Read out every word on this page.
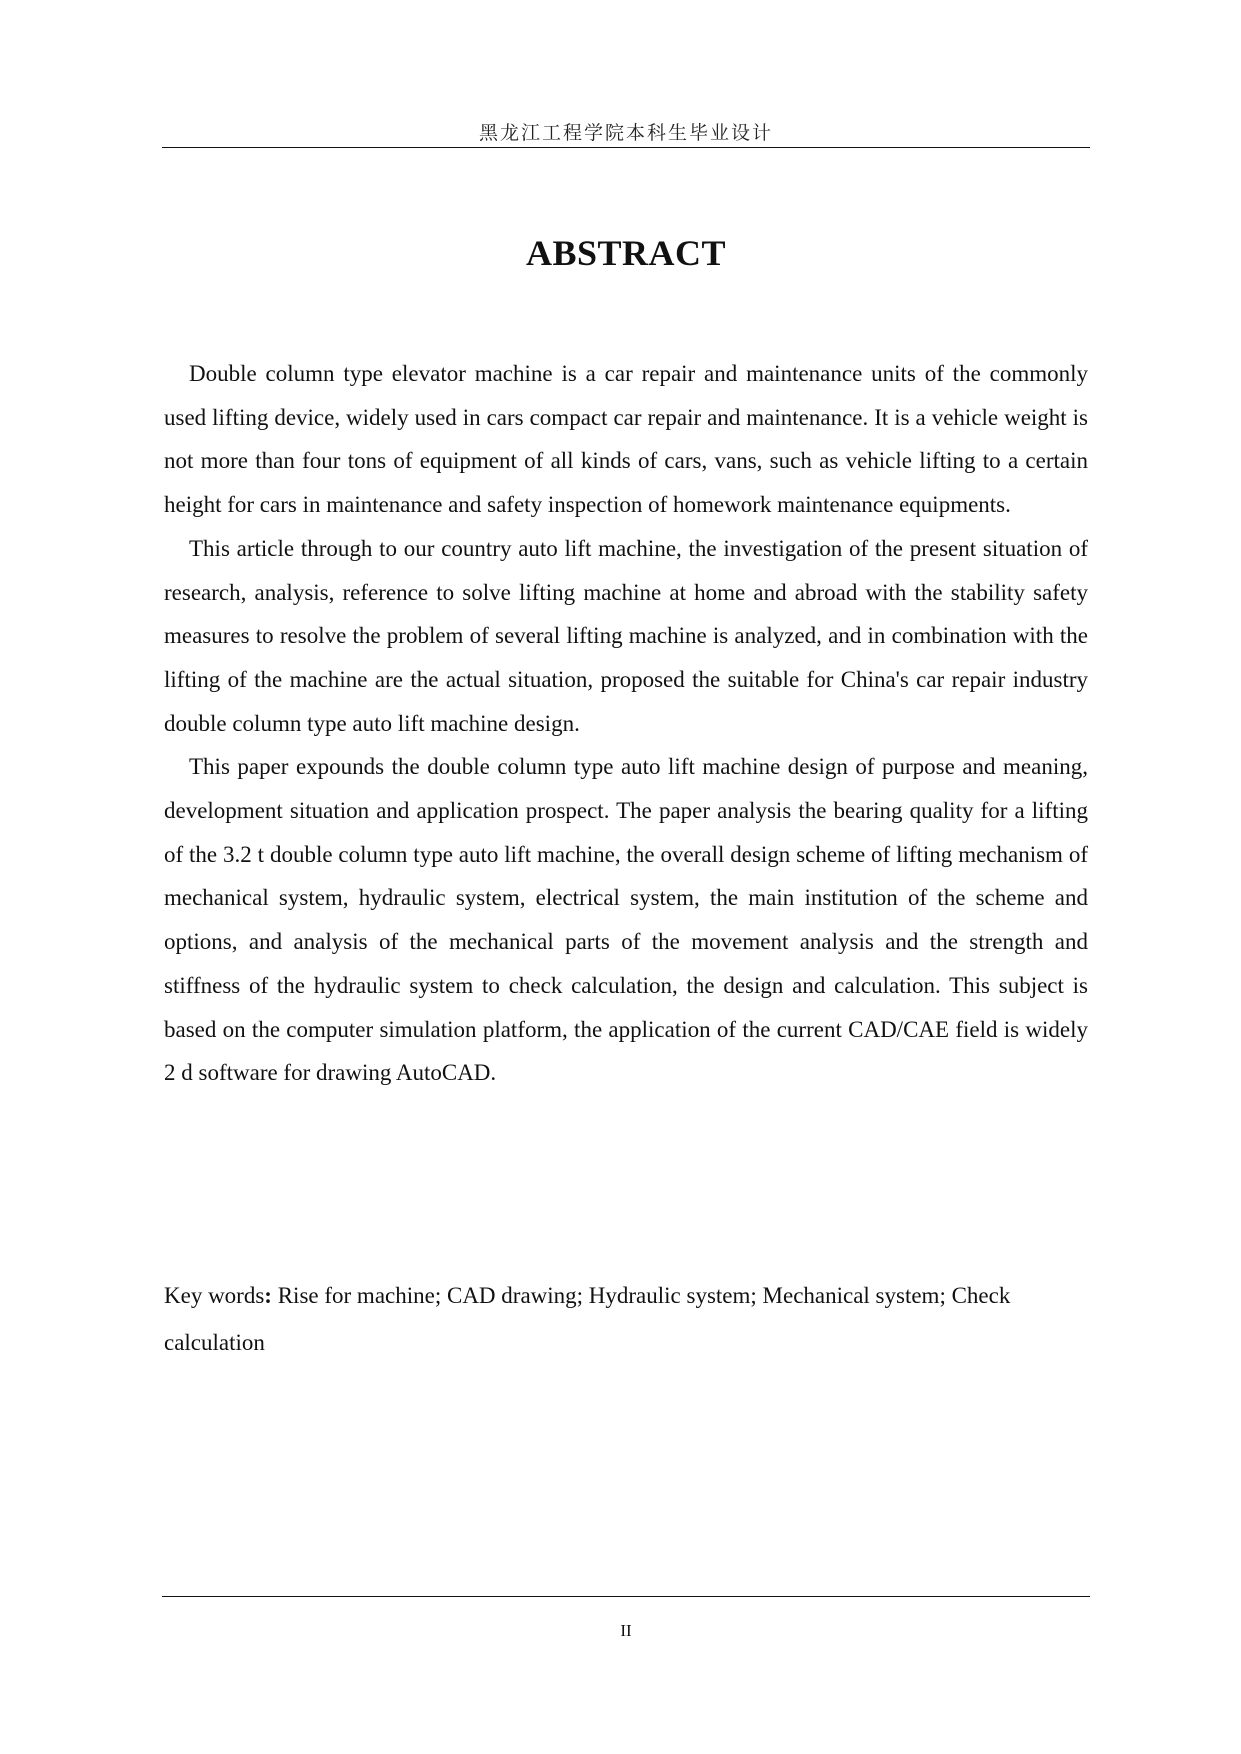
黑龙江工程学院本科生毕业设计
ABSTRACT

Double column type elevator machine is a car repair and maintenance units of the commonly used lifting device, widely used in cars compact car repair and maintenance. It is a vehicle weight is not more than four tons of equipment of all kinds of cars, vans, such as vehicle lifting to a certain height for cars in maintenance and safety inspection of homework maintenance equipments.

This article through to our country auto lift machine, the investigation of the present situation of research, analysis, reference to solve lifting machine at home and abroad with the stability safety measures to resolve the problem of several lifting machine is analyzed, and in combination with the lifting of the machine are the actual situation, proposed the suitable for China's car repair industry double column type auto lift machine design.

This paper expounds the double column type auto lift machine design of purpose and meaning, development situation and application prospect. The paper analysis the bearing quality for a lifting of the 3.2 t double column type auto lift machine, the overall design scheme of lifting mechanism of mechanical system, hydraulic system, electrical system, the main institution of the scheme and options, and analysis of the mechanical parts of the movement analysis and the strength and stiffness of the hydraulic system to check calculation, the design and calculation. This subject is based on the computer simulation platform, the application of the current CAD/CAE field is widely 2 d software for drawing AutoCAD.

Key words: Rise for machine; CAD drawing; Hydraulic system; Mechanical system; Check calculation
II
